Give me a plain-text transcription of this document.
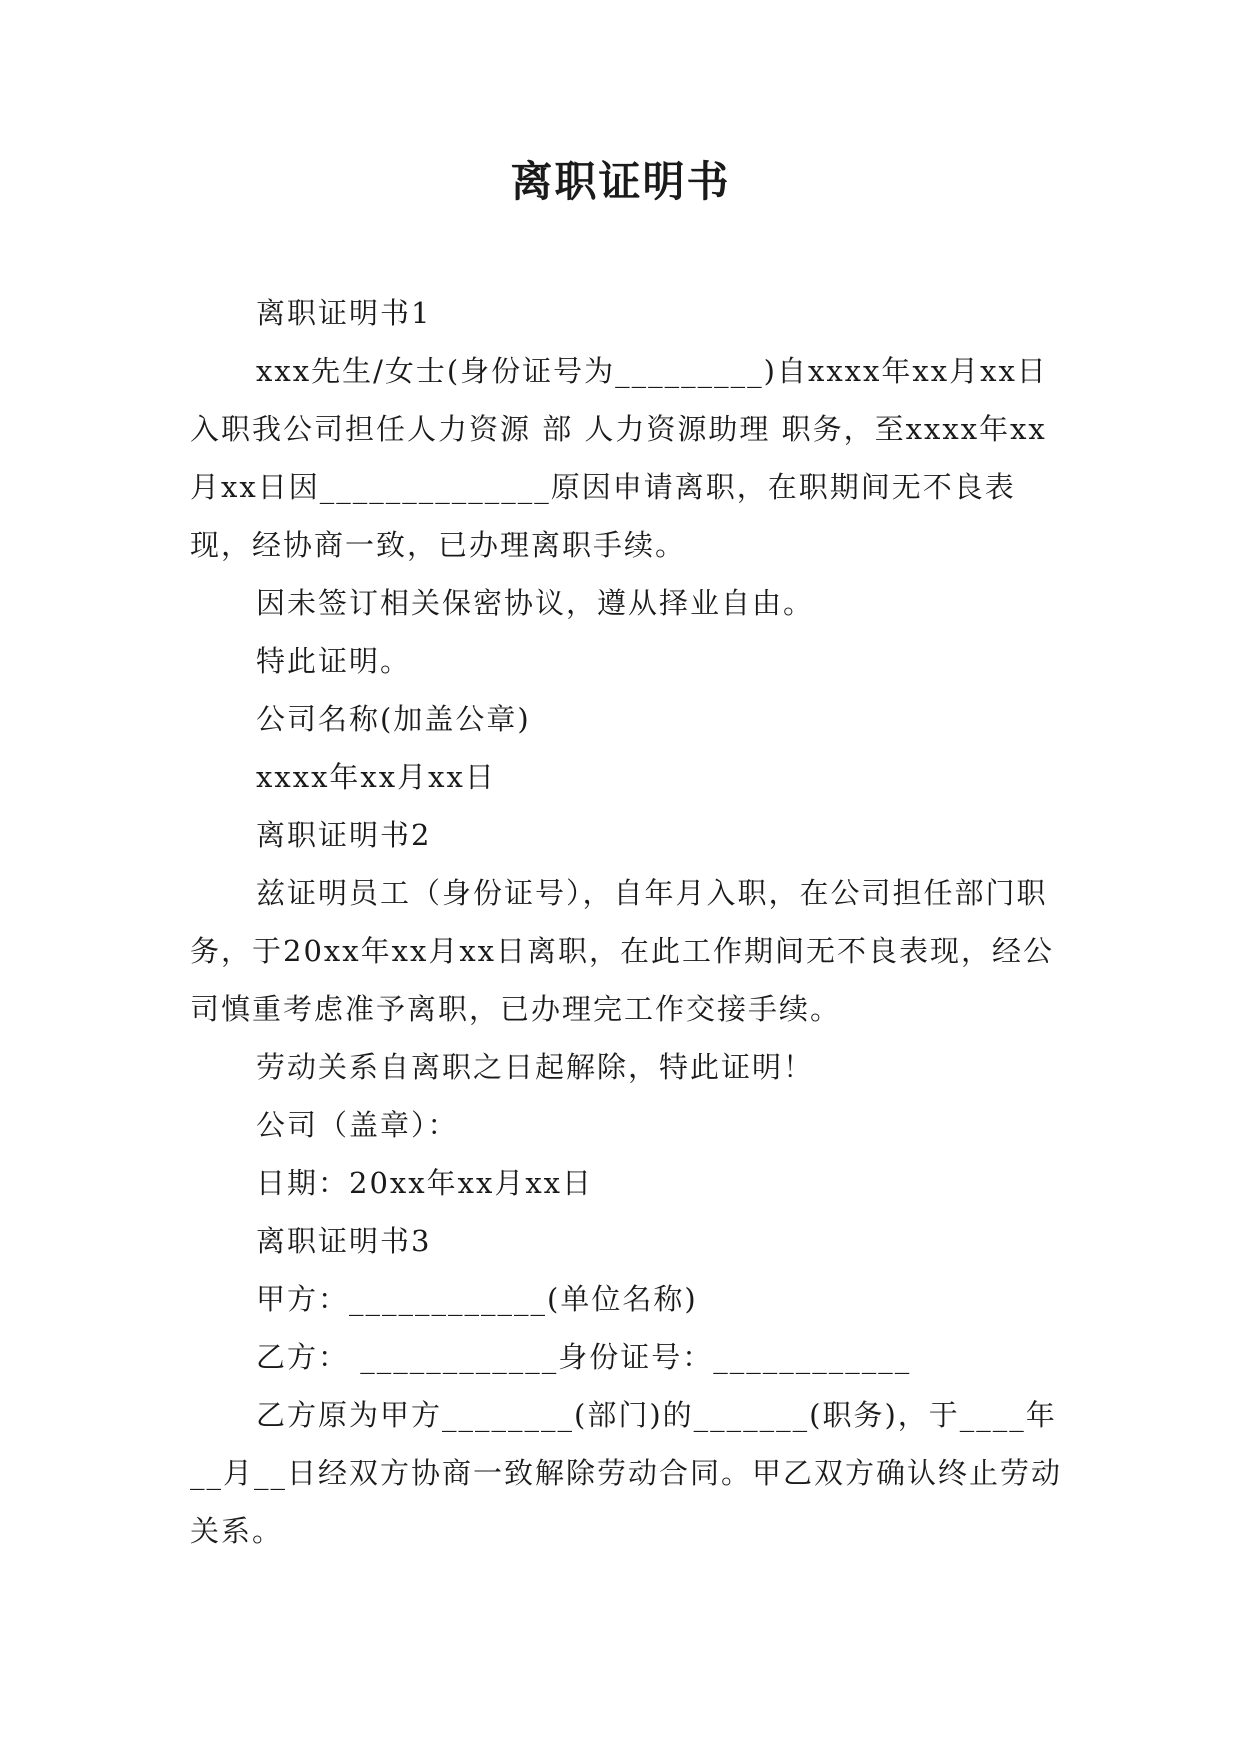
离职证明书

离职证明书1

xxx先生/女士(身份证号为_________)自xxxx年xx月xx日入职我公司担任人力资源 部 人力资源助理 职务，至xxxx年xx月xx日因______________原因申请离职，在职期间无不良表现，经协商一致，已办理离职手续。

因未签订相关保密协议，遵从择业自由。

特此证明。

公司名称(加盖公章)

xxxx年xx月xx日

离职证明书2

兹证明员工（身份证号），自年月入职，在公司担任部门职务，于20xx年xx月xx日离职，在此工作期间无不良表现，经公司慎重考虑准予离职，已办理完工作交接手续。

劳动关系自离职之日起解除，特此证明！

公司（盖章）：

日期：20xx年xx月xx日

离职证明书3

甲方：____________(单位名称)

乙方： ____________身份证号：____________

乙方原为甲方________(部门)的_______(职务)，于____年__月__日经双方协商一致解除劳动合同。甲乙双方确认终止劳动关系。
